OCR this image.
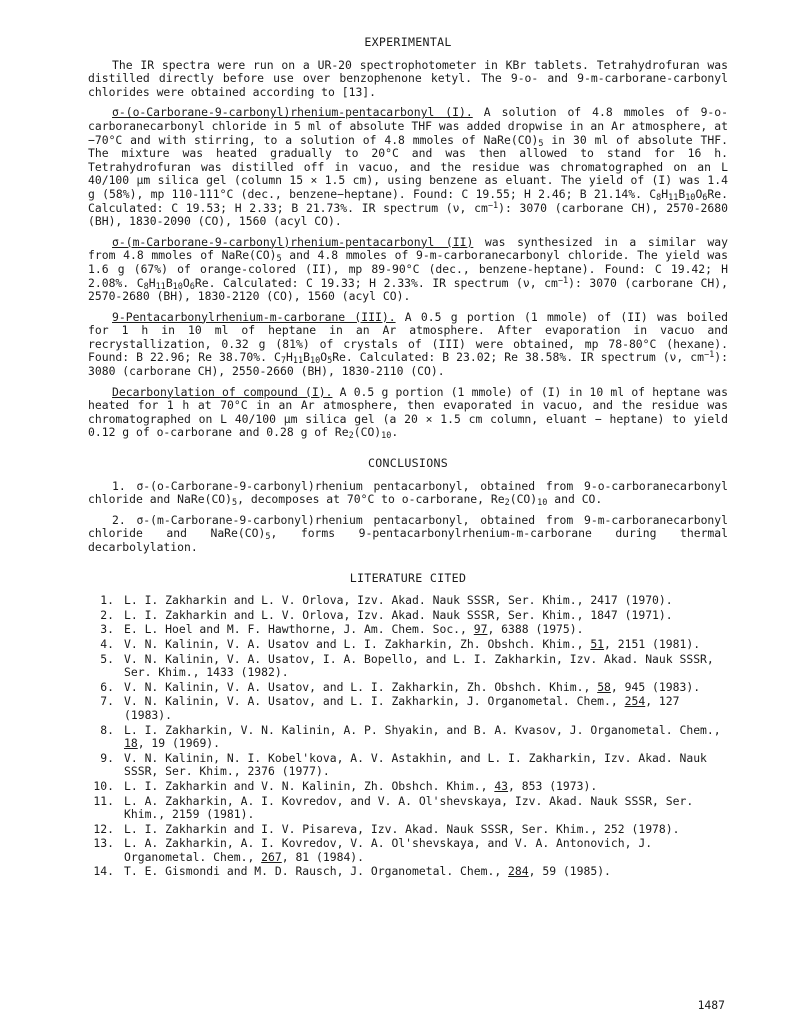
EXPERIMENTAL

The IR spectra were run on a UR-20 spectrophotometer in KBr tablets. Tetrahydrofuran was distilled directly before use over benzophenone ketyl. The 9-o- and 9-m-carborane-carbonyl chlorides were obtained according to [13].

σ-(o-Carborane-9-carbonyl)rhenium-pentacarbonyl (I). A solution of 4.8 mmoles of 9-o-carboranecarbonyl chloride in 5 ml of absolute THF was added dropwise in an Ar atmosphere, at −70°C and with stirring, to a solution of 4.8 mmoles of $NaRe(CO)_5$ in 30 ml of absolute THF. The mixture was heated gradually to 20°C and was then allowed to stand for 16 h. Tetrahydrofuran was distilled off in vacuo, and the residue was chromatographed on an L 40/100 μm silica gel (column 15 × 1.5 cm), using benzene as eluant. The yield of (I) was 1.4 g (58%), mp 110-111°C (dec., benzene−heptane). Found: C 19.55; H 2.46; B 21.14%. $C_8H_{11}B_{10}O_6Re$. Calculated: C 19.53; H 2.33; B 21.73%. IR spectrum (ν, $cm^{-1}$): 3070 (carborane CH), 2570-2680 (BH), 1830-2090 (CO), 1560 (acyl CO).

σ-(m-Carborane-9-carbonyl)rhenium-pentacarbonyl (II) was synthesized in a similar way from 4.8 mmoles of $NaRe(CO)_5$ and 4.8 mmoles of 9-m-carboranecarbonyl chloride. The yield was 1.6 g (67%) of orange-colored (II), mp 89-90°C (dec., benzene-heptane). Found: C 19.42; H 2.08%. $C_8H_{11}B_{10}O_6Re$. Calculated: C 19.33; H 2.33%. IR spectrum (ν, $cm^{-1}$): 3070 (carborane CH), 2570-2680 (BH), 1830-2120 (CO), 1560 (acyl CO).

9-Pentacarbonylrhenium-m-carborane (III). A 0.5 g portion (1 mmole) of (II) was boiled for 1 h in 10 ml of heptane in an Ar atmosphere. After evaporation in vacuo and recrystallization, 0.32 g (81%) of crystals of (III) were obtained, mp 78-80°C (hexane). Found: B 22.96; Re 38.70%. $C_7H_{11}B_{10}O_5Re$. Calculated: B 23.02; Re 38.58%. IR spectrum (ν, $cm^{-1}$): 3080 (carborane CH), 2550-2660 (BH), 1830-2110 (CO).

Decarbonylation of compound (I). A 0.5 g portion (1 mmole) of (I) in 10 ml of heptane was heated for 1 h at 70°C in an Ar atmosphere, then evaporated in vacuo, and the residue was chromatographed on L 40/100 μm silica gel (a 20 × 1.5 cm column, eluant − heptane) to yield 0.12 g of o-carborane and 0.28 g of $Re_2(CO)_{10}$.

CONCLUSIONS

1. σ-(o-Carborane-9-carbonyl)rhenium pentacarbonyl, obtained from 9-o-carboranecarbonyl chloride and $NaRe(CO)_5$, decomposes at 70°C to o-carborane, $Re_2(CO)_{10}$ and CO.

2. σ-(m-Carborane-9-carbonyl)rhenium pentacarbonyl, obtained from 9-m-carboranecarbonyl chloride and $NaRe(CO)_5$, forms 9-pentacarbonylrhenium-m-carborane during thermal decarbolylation.

LITERATURE CITED
1. L. I. Zakharkin and L. V. Orlova, Izv. Akad. Nauk SSSR, Ser. Khim., 2417 (1970).
2. L. I. Zakharkin and L. V. Orlova, Izv. Akad. Nauk SSSR, Ser. Khim., 1847 (1971).
3. E. L. Hoel and M. F. Hawthorne, J. Am. Chem. Soc., 97, 6388 (1975).
4. V. N. Kalinin, V. A. Usatov and L. I. Zakharkin, Zh. Obshch. Khim., 51, 2151 (1981).
5. V. N. Kalinin, V. A. Usatov, I. A. Bopello, and L. I. Zakharkin, Izv. Akad. Nauk SSSR, Ser. Khim., 1433 (1982).
6. V. N. Kalinin, V. A. Usatov, and L. I. Zakharkin, Zh. Obshch. Khim., 58, 945 (1983).
7. V. N. Kalinin, V. A. Usatov, and L. I. Zakharkin, J. Organometal. Chem., 254, 127 (1983).
8. L. I. Zakharkin, V. N. Kalinin, A. P. Shyakin, and B. A. Kvasov, J. Organometal. Chem., 18, 19 (1969).
9. V. N. Kalinin, N. I. Kobel'kova, A. V. Astakhin, and L. I. Zakharkin, Izv. Akad. Nauk SSSR, Ser. Khim., 2376 (1977).
10. L. I. Zakharkin and V. N. Kalinin, Zh. Obshch. Khim., 43, 853 (1973).
11. L. A. Zakharkin, A. I. Kovredov, and V. A. Ol'shevskaya, Izv. Akad. Nauk SSSR, Ser. Khim., 2159 (1981).
12. L. I. Zakharkin and I. V. Pisareva, Izv. Akad. Nauk SSSR, Ser. Khim., 252 (1978).
13. L. A. Zakharkin, A. I. Kovredov, V. A. Ol'shevskaya, and V. A. Antonovich, J. Organometal. Chem., 267, 81 (1984).
14. T. E. Gismondi and M. D. Rausch, J. Organometal. Chem., 284, 59 (1985).
1487
